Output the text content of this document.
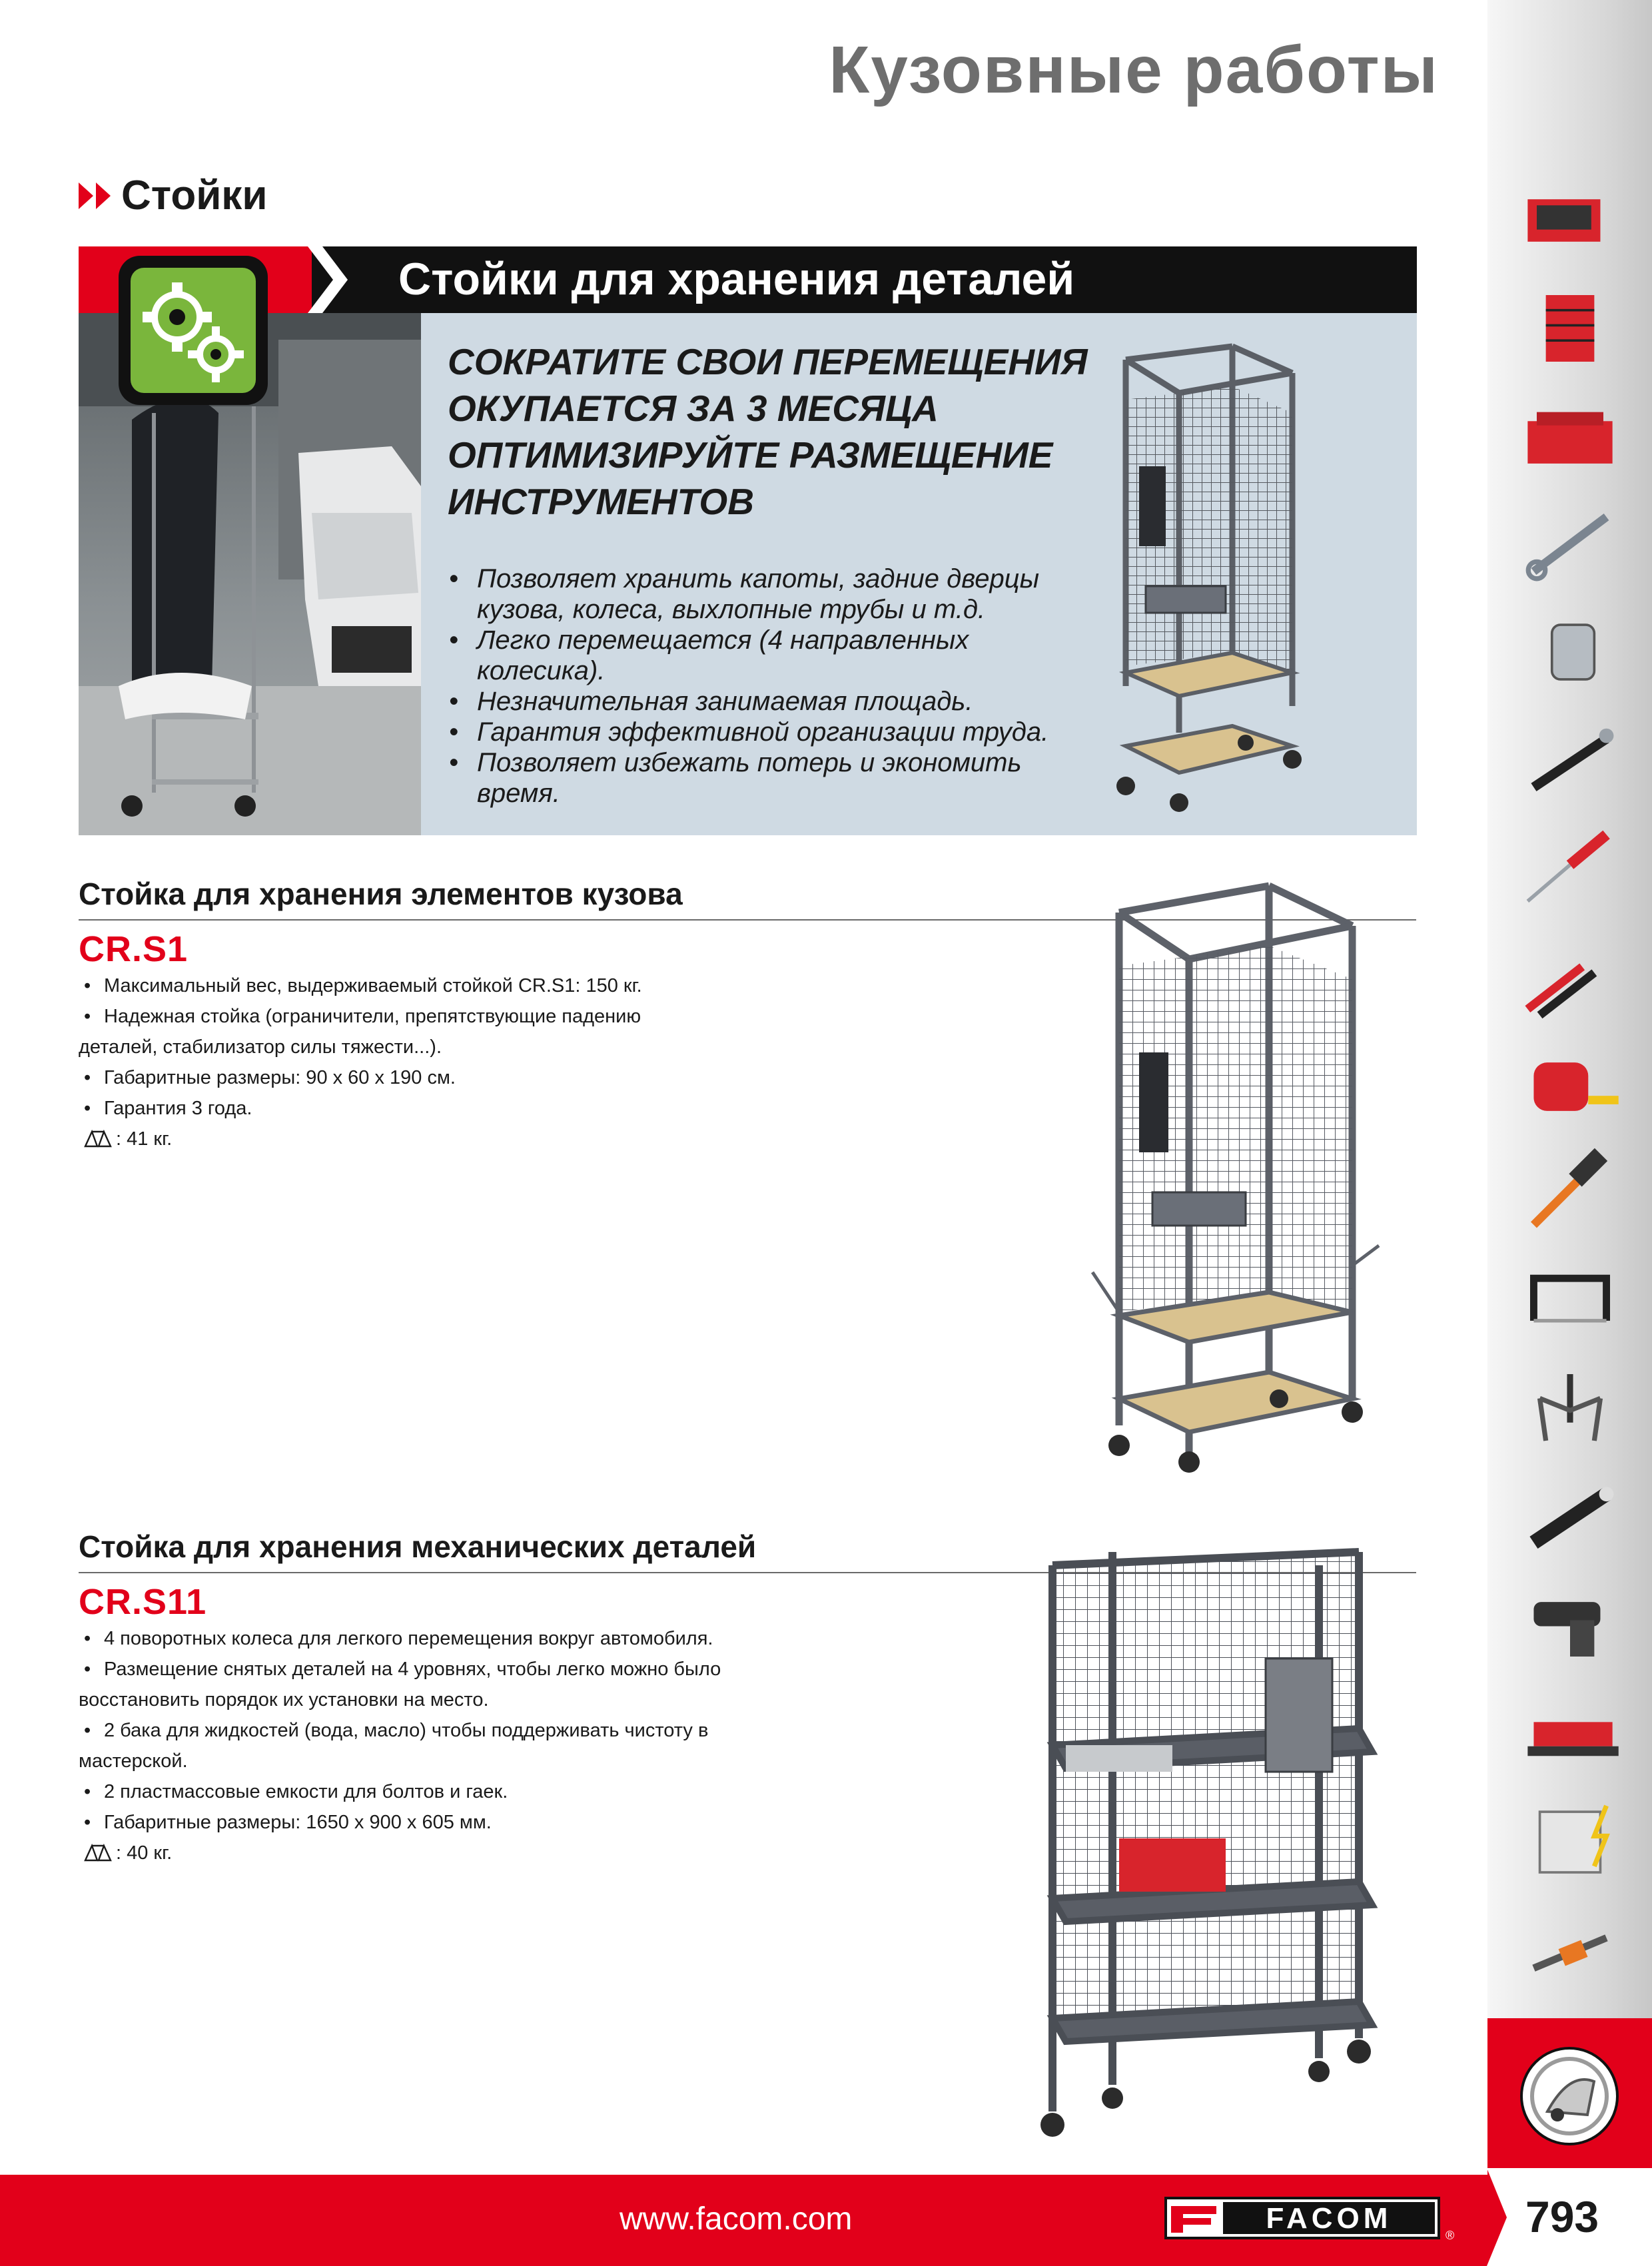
Кузовные работы
Стойки
Стойки для хранения деталей
СОКРАТИТЕ СВОИ ПЕРЕМЕЩЕНИЯ
ОКУПАЕТСЯ ЗА 3 МЕСЯЦА
ОПТИМИЗИРУЙТЕ РАЗМЕЩЕНИЕ
ИНСТРУМЕНТОВ
• Позволяет хранить капоты, задние дверцы
кузова, колеса, выхлопные трубы и т.д.
• Легко перемещается (4 направленных
колесика).
• Незначительная занимаемая площадь.
• Гарантия эффективной организации труда.
• Позволяет избежать потерь и экономить
время.
Стойка для хранения элементов кузова
CR.S1
• Максимальный вес, выдерживаемый стойкой CR.S1: 150 кг.
• Надежная стойка (ограничители, препятствующие падению
деталей, стабилизатор силы тяжести...).
• Габаритные размеры: 90 x 60 x 190 см.
• Гарантия 3 года.
: 41 кг.
Стойка для хранения механических деталей
CR.S11
• 4 поворотных колеса для легкого перемещения вокруг автомобиля.
• Размещение снятых деталей на 4 уровнях, чтобы легко можно было
восстановить порядок их установки на место.
• 2 бака для жидкостей (вода, масло) чтобы поддерживать чистоту в
мастерской.
• 2 пластмассовые емкости для болтов и гаек.
• Габаритные размеры: 1650 x 900 x 605 мм.
: 40 кг.
www.facom.com	FACOM
® 793
